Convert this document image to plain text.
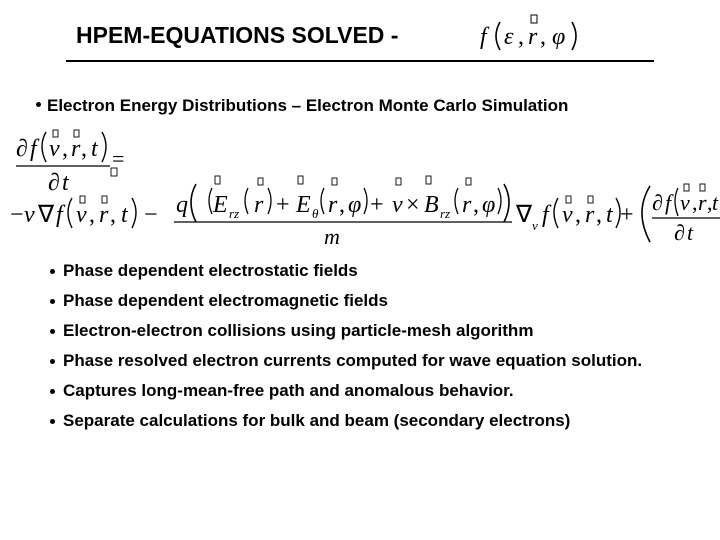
HPEM-EQUATIONS SOLVED -	f ε , r , φ
Electron Energy Distributions – Electron Monte Carlo Simulation
∂ f v , r , t
∂ t
=
− v ∇ f v , r , t − q E rz r + E θ r , φ + v × B rz r , φ
m
∇ v f v , r , t + ∂ f v , r , t
∂ t
Phase dependent electrostatic fields
Phase dependent electromagnetic fields
Electron-electron collisions using particle-mesh algorithm
Phase resolved electron currents computed for wave equation solution.
Captures long-mean-free path and anomalous behavior.
Separate calculations for bulk and beam (secondary electrons)
